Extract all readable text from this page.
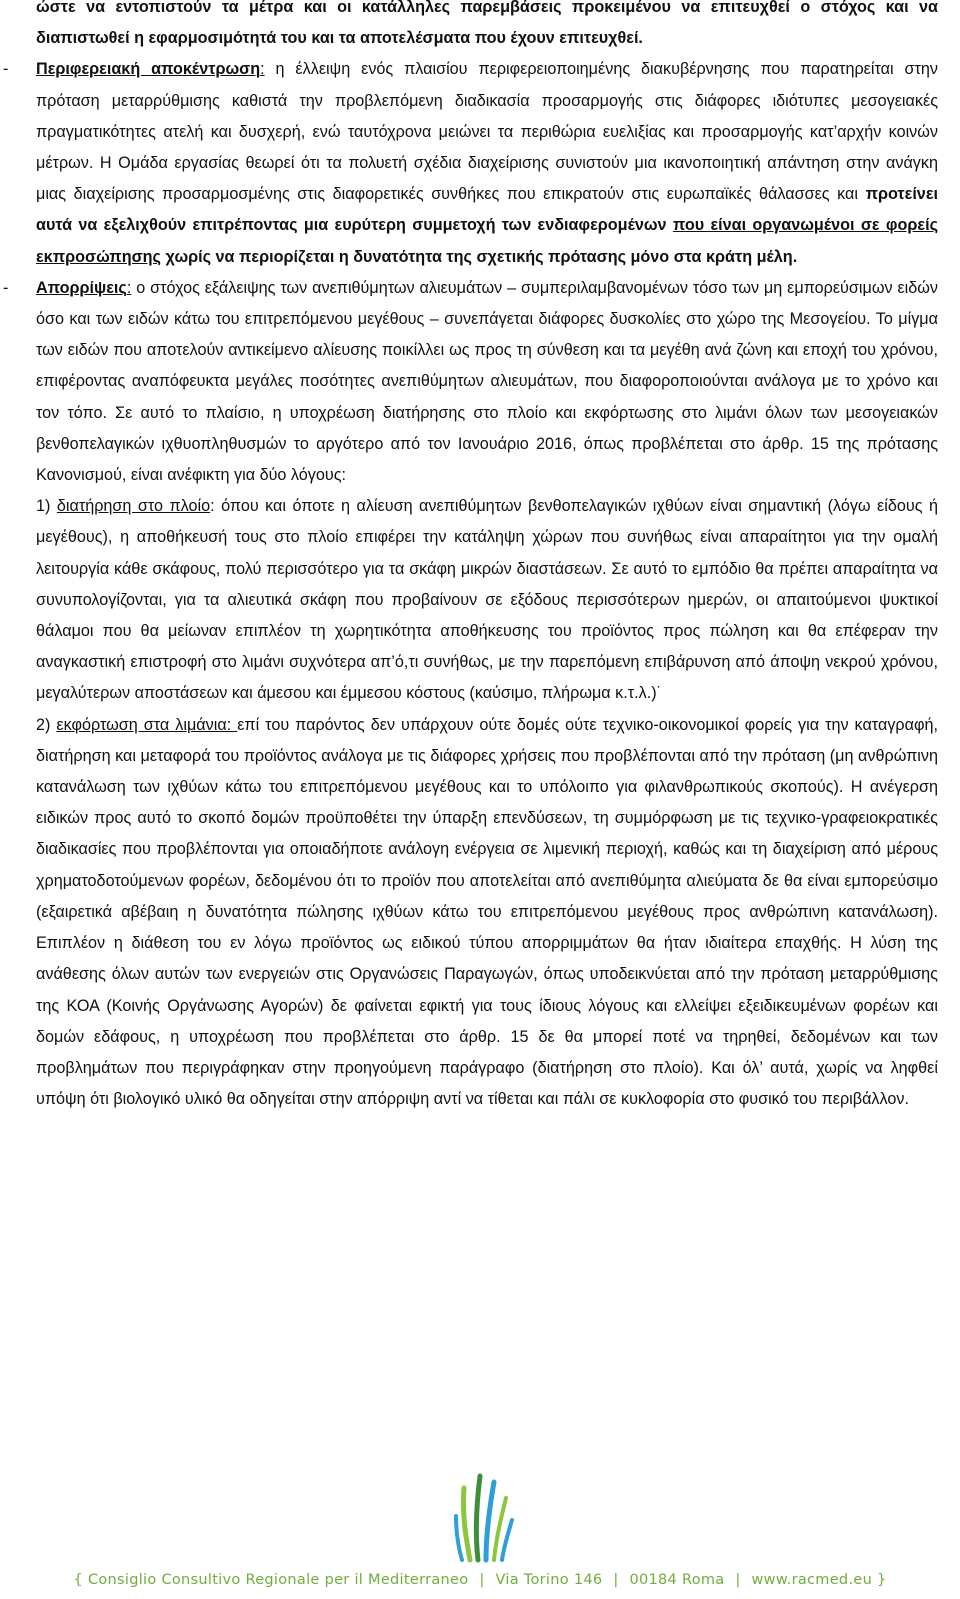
ώστε να εντοπιστούν τα μέτρα και οι κατάλληλες παρεμβάσεις προκειμένου να επιτευχθεί ο στόχος και να διαπιστωθεί η εφαρμοσιμότητά του και τα αποτελέσματα που έχουν επιτευχθεί.

- Περιφερειακή αποκέντρωση: η έλλειψη ενός πλαισίου περιφερειοποιημένης διακυβέρνησης που παρατηρείται στην πρόταση μεταρρύθμισης καθιστά την προβλεπόμενη διαδικασία προσαρμογής στις διάφορες ιδιότυπες μεσογειακές πραγματικότητες ατελή και δυσχερή, ενώ ταυτόχρονα μειώνει τα περιθώρια ευελιξίας και προσαρμογής κατ’αρχήν κοινών μέτρων. Η Ομάδα εργασίας θεωρεί ότι τα πολυετή σχέδια διαχείρισης συνιστούν μια ικανοποιητική απάντηση στην ανάγκη μιας διαχείρισης προσαρμοσμένης στις διαφορετικές συνθήκες που επικρατούν στις ευρωπαϊκές θάλασσες και προτείνει αυτά να εξελιχθούν επιτρέποντας μια ευρύτερη συμμετοχή των ενδιαφερομένων που είναι οργανωμένοι σε φορείς εκπροσώπησης χωρίς να περιορίζεται η δυνατότητα της σχετικής πρότασης μόνο στα κράτη μέλη.

- Απορρίψεις: ο στόχος εξάλειψης των ανεπιθύμητων αλιευμάτων – συμπεριλαμβανομένων τόσο των μη εμπορεύσιμων ειδών όσο και των ειδών κάτω του επιτρεπόμενου μεγέθους – συνεπάγεται διάφορες δυσκολίες στο χώρο της Μεσογείου. Το μίγμα των ειδών που αποτελούν αντικείμενο αλίευσης ποικίλλει ως προς τη σύνθεση και τα μεγέθη ανά ζώνη και εποχή του χρόνου, επιφέροντας αναπόφευκτα μεγάλες ποσότητες ανεπιθύμητων αλιευμάτων, που διαφοροποιούνται ανάλογα με το χρόνο και τον τόπο. Σε αυτό το πλαίσιο, η υποχρέωση διατήρησης στο πλοίο και εκφόρτωσης στο λιμάνι όλων των μεσογειακών βενθοπελαγικών ιχθυοπληθυσμών το αργότερο από τον Ιανουάριο 2016, όπως προβλέπεται στο άρθρ. 15 της πρότασης Κανονισμού, είναι ανέφικτη για δύο λόγους:

1) διατήρηση στο πλοίο: όπου και όποτε η αλίευση ανεπιθύμητων βενθοπελαγικών ιχθύων είναι σημαντική (λόγω είδους ή μεγέθους), η αποθήκευσή τους στο πλοίο επιφέρει την κατάληψη χώρων που συνήθως είναι απαραίτητοι για την ομαλή λειτουργία κάθε σκάφους, πολύ περισσότερο για τα σκάφη μικρών διαστάσεων. Σε αυτό το εμπόδιο θα πρέπει απαραίτητα να συνυπολογίζονται, για τα αλιευτικά σκάφη που προβαίνουν σε εξόδους περισσότερων ημερών, οι απαιτούμενοι ψυκτικοί θάλαμοι που θα μείωναν επιπλέον τη χωρητικότητα αποθήκευσης του προϊόντος προς πώληση και θα επέφεραν την αναγκαστική επιστροφή στο λιμάνι συχνότερα απ’ό,τι συνήθως, με την παρεπόμενη επιβάρυνση από άποψη νεκρού χρόνου, μεγαλύτερων αποστάσεων και άμεσου και έμμεσου κόστους (καύσιμο, πλήρωμα κ.τ.λ.)˙

2) εκφόρτωση στα λιμάνια: επί του παρόντος δεν υπάρχουν ούτε δομές ούτε τεχνικο-οικονομικοί φορείς για την καταγραφή, διατήρηση και μεταφορά του προϊόντος ανάλογα με τις διάφορες χρήσεις που προβλέπονται από την πρόταση (μη ανθρώπινη κατανάλωση των ιχθύων κάτω του επιτρεπόμενου μεγέθους και το υπόλοιπο για φιλανθρωπικούς σκοπούς). Η ανέγερση ειδικών προς αυτό το σκοπό δομών προϋποθέτει την ύπαρξη επενδύσεων, τη συμμόρφωση με τις τεχνικο-γραφειοκρατικές διαδικασίες που προβλέπονται για οποιαδήποτε ανάλογη ενέργεια σε λιμενική περιοχή, καθώς και τη διαχείριση από μέρους χρηματοδοτούμενων φορέων, δεδομένου ότι το προϊόν που αποτελείται από ανεπιθύμητα αλιεύματα δε θα είναι εμπορεύσιμο (εξαιρετικά αβέβαιη η δυνατότητα πώλησης ιχθύων κάτω του επιτρεπόμενου μεγέθους προς ανθρώπινη κατανάλωση). Επιπλέον η διάθεση του εν λόγω προϊόντος ως ειδικού τύπου απορριμμάτων θα ήταν ιδιαίτερα επαχθής. Η λύση της ανάθεσης όλων αυτών των ενεργειών στις Οργανώσεις Παραγωγών, όπως υποδεικνύεται από την πρόταση μεταρρύθμισης της ΚΟΑ (Κοινής Οργάνωσης Αγορών) δε φαίνεται εφικτή για τους ίδιους λόγους και ελλείψει εξειδικευμένων φορέων και δομών εδάφους, η υποχρέωση που προβλέπεται στο άρθρ. 15 δε θα μπορεί ποτέ να τηρηθεί, δεδομένων και των προβλημάτων που περιγράφηκαν στην προηγούμενη παράγραφο (διατήρηση στο πλοίο). Και όλ’ αυτά, χωρίς να ληφθεί υπόψη ότι βιολογικό υλικό θα οδηγείται στην απόρριψη αντί να τίθεται και πάλι σε κυκλοφορία στο φυσικό του περιβάλλον.

{ Consiglio Consultivo Regionale per il Mediterraneo | Via Torino 146 | 00184 Roma | www.racmed.eu }
